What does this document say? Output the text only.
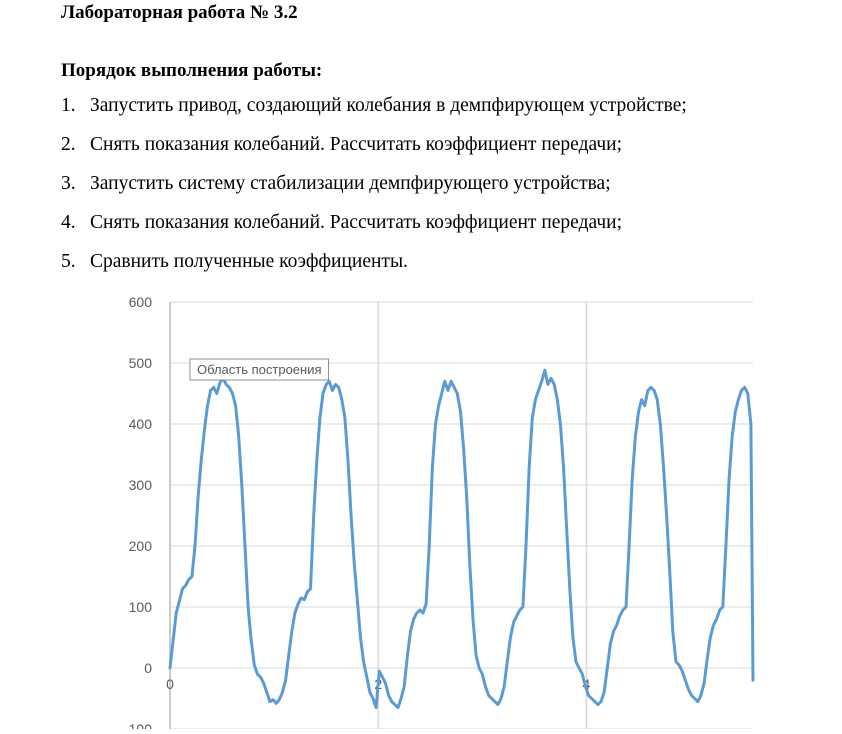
Лабораторная работа № 3.2
Порядок выполнения работы:
1. Запустить привод, создающий колебания в демпфирующем устройстве;
2. Снять показания колебаний. Рассчитать коэффициент передачи;
3. Запустить систему стабилизации демпфирующего устройства;
4. Снять показания колебаний. Рассчитать коэффициент передачи;
5. Сравнить полученные коэффициенты.
600
500
400
300
200
100
0
-100
0	2	4
Область построения
